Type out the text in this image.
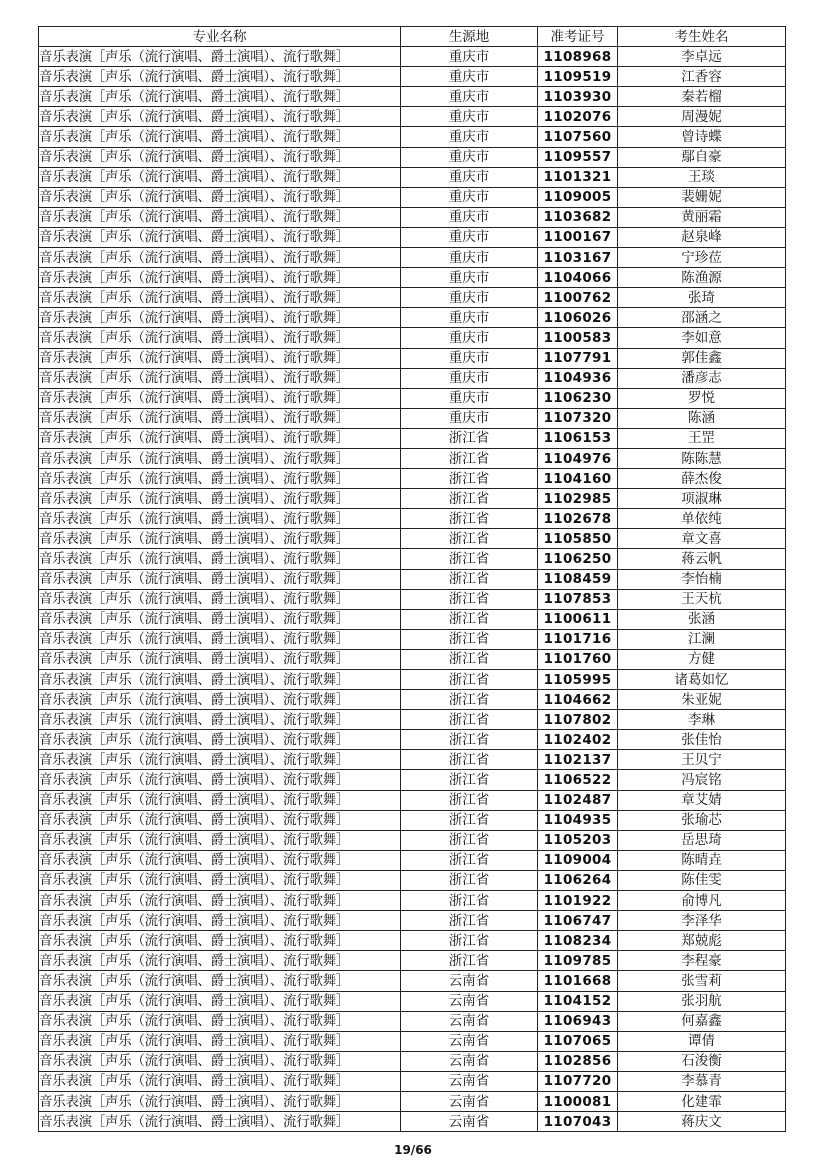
专业名称	生源地	准考证号	考生姓名
音乐表演［声乐（流行演唱、爵士演唱）、流行歌舞］	重庆市	1108968	李卓远
音乐表演［声乐（流行演唱、爵士演唱）、流行歌舞］	重庆市	1109519	江香容
音乐表演［声乐（流行演唱、爵士演唱）、流行歌舞］	重庆市	1103930	秦若榴
音乐表演［声乐（流行演唱、爵士演唱）、流行歌舞］	重庆市	1102076	周漫妮
音乐表演［声乐（流行演唱、爵士演唱）、流行歌舞］	重庆市	1107560	曾诗蝶
音乐表演［声乐（流行演唱、爵士演唱）、流行歌舞］	重庆市	1109557	鄢自豪
音乐表演［声乐（流行演唱、爵士演唱）、流行歌舞］	重庆市	1101321	王琰
音乐表演［声乐（流行演唱、爵士演唱）、流行歌舞］	重庆市	1109005	裴姗妮
音乐表演［声乐（流行演唱、爵士演唱）、流行歌舞］	重庆市	1103682	黄丽霜
音乐表演［声乐（流行演唱、爵士演唱）、流行歌舞］	重庆市	1100167	赵泉峰
音乐表演［声乐（流行演唱、爵士演唱）、流行歌舞］	重庆市	1103167	宁珍莅
音乐表演［声乐（流行演唱、爵士演唱）、流行歌舞］	重庆市	1104066	陈渔源
音乐表演［声乐（流行演唱、爵士演唱）、流行歌舞］	重庆市	1100762	张琦
音乐表演［声乐（流行演唱、爵士演唱）、流行歌舞］	重庆市	1106026	邵涵之
音乐表演［声乐（流行演唱、爵士演唱）、流行歌舞］	重庆市	1100583	李如意
音乐表演［声乐（流行演唱、爵士演唱）、流行歌舞］	重庆市	1107791	郭佳鑫
音乐表演［声乐（流行演唱、爵士演唱）、流行歌舞］	重庆市	1104936	潘彦志
音乐表演［声乐（流行演唱、爵士演唱）、流行歌舞］	重庆市	1106230	罗悦
音乐表演［声乐（流行演唱、爵士演唱）、流行歌舞］	重庆市	1107320	陈涵
音乐表演［声乐（流行演唱、爵士演唱）、流行歌舞］	浙江省	1106153	王罡
音乐表演［声乐（流行演唱、爵士演唱）、流行歌舞］	浙江省	1104976	陈陈慧
音乐表演［声乐（流行演唱、爵士演唱）、流行歌舞］	浙江省	1104160	薛杰俊
音乐表演［声乐（流行演唱、爵士演唱）、流行歌舞］	浙江省	1102985	项淑琳
音乐表演［声乐（流行演唱、爵士演唱）、流行歌舞］	浙江省	1102678	单依纯
音乐表演［声乐（流行演唱、爵士演唱）、流行歌舞］	浙江省	1105850	章文喜
音乐表演［声乐（流行演唱、爵士演唱）、流行歌舞］	浙江省	1106250	蒋云帆
音乐表演［声乐（流行演唱、爵士演唱）、流行歌舞］	浙江省	1108459	李怡楠
音乐表演［声乐（流行演唱、爵士演唱）、流行歌舞］	浙江省	1107853	王天杭
音乐表演［声乐（流行演唱、爵士演唱）、流行歌舞］	浙江省	1100611	张涵
音乐表演［声乐（流行演唱、爵士演唱）、流行歌舞］	浙江省	1101716	江澜
音乐表演［声乐（流行演唱、爵士演唱）、流行歌舞］	浙江省	1101760	方健
音乐表演［声乐（流行演唱、爵士演唱）、流行歌舞］	浙江省	1105995	诸葛如忆
音乐表演［声乐（流行演唱、爵士演唱）、流行歌舞］	浙江省	1104662	朱亚妮
音乐表演［声乐（流行演唱、爵士演唱）、流行歌舞］	浙江省	1107802	李琳
音乐表演［声乐（流行演唱、爵士演唱）、流行歌舞］	浙江省	1102402	张佳怡
音乐表演［声乐（流行演唱、爵士演唱）、流行歌舞］	浙江省	1102137	王贝宁
音乐表演［声乐（流行演唱、爵士演唱）、流行歌舞］	浙江省	1106522	冯宸铭
音乐表演［声乐（流行演唱、爵士演唱）、流行歌舞］	浙江省	1102487	章艾婧
音乐表演［声乐（流行演唱、爵士演唱）、流行歌舞］	浙江省	1104935	张瑜芯
音乐表演［声乐（流行演唱、爵士演唱）、流行歌舞］	浙江省	1105203	岳思琦
音乐表演［声乐（流行演唱、爵士演唱）、流行歌舞］	浙江省	1109004	陈晴垚
音乐表演［声乐（流行演唱、爵士演唱）、流行歌舞］	浙江省	1106264	陈佳雯
音乐表演［声乐（流行演唱、爵士演唱）、流行歌舞］	浙江省	1101922	俞博凡
音乐表演［声乐（流行演唱、爵士演唱）、流行歌舞］	浙江省	1106747	李泽华
音乐表演［声乐（流行演唱、爵士演唱）、流行歌舞］	浙江省	1108234	郑兢彪
音乐表演［声乐（流行演唱、爵士演唱）、流行歌舞］	浙江省	1109785	李程豪
音乐表演［声乐（流行演唱、爵士演唱）、流行歌舞］	云南省	1101668	张雪莉
音乐表演［声乐（流行演唱、爵士演唱）、流行歌舞］	云南省	1104152	张羽航
音乐表演［声乐（流行演唱、爵士演唱）、流行歌舞］	云南省	1106943	何嘉鑫
音乐表演［声乐（流行演唱、爵士演唱）、流行歌舞］	云南省	1107065	谭倩
音乐表演［声乐（流行演唱、爵士演唱）、流行歌舞］	云南省	1102856	石浚衡
音乐表演［声乐（流行演唱、爵士演唱）、流行歌舞］	云南省	1107720	李慕青
音乐表演［声乐（流行演唱、爵士演唱）、流行歌舞］	云南省	1100081	化建霏
音乐表演［声乐（流行演唱、爵士演唱）、流行歌舞］	云南省	1107043	蒋庆文
19/66
